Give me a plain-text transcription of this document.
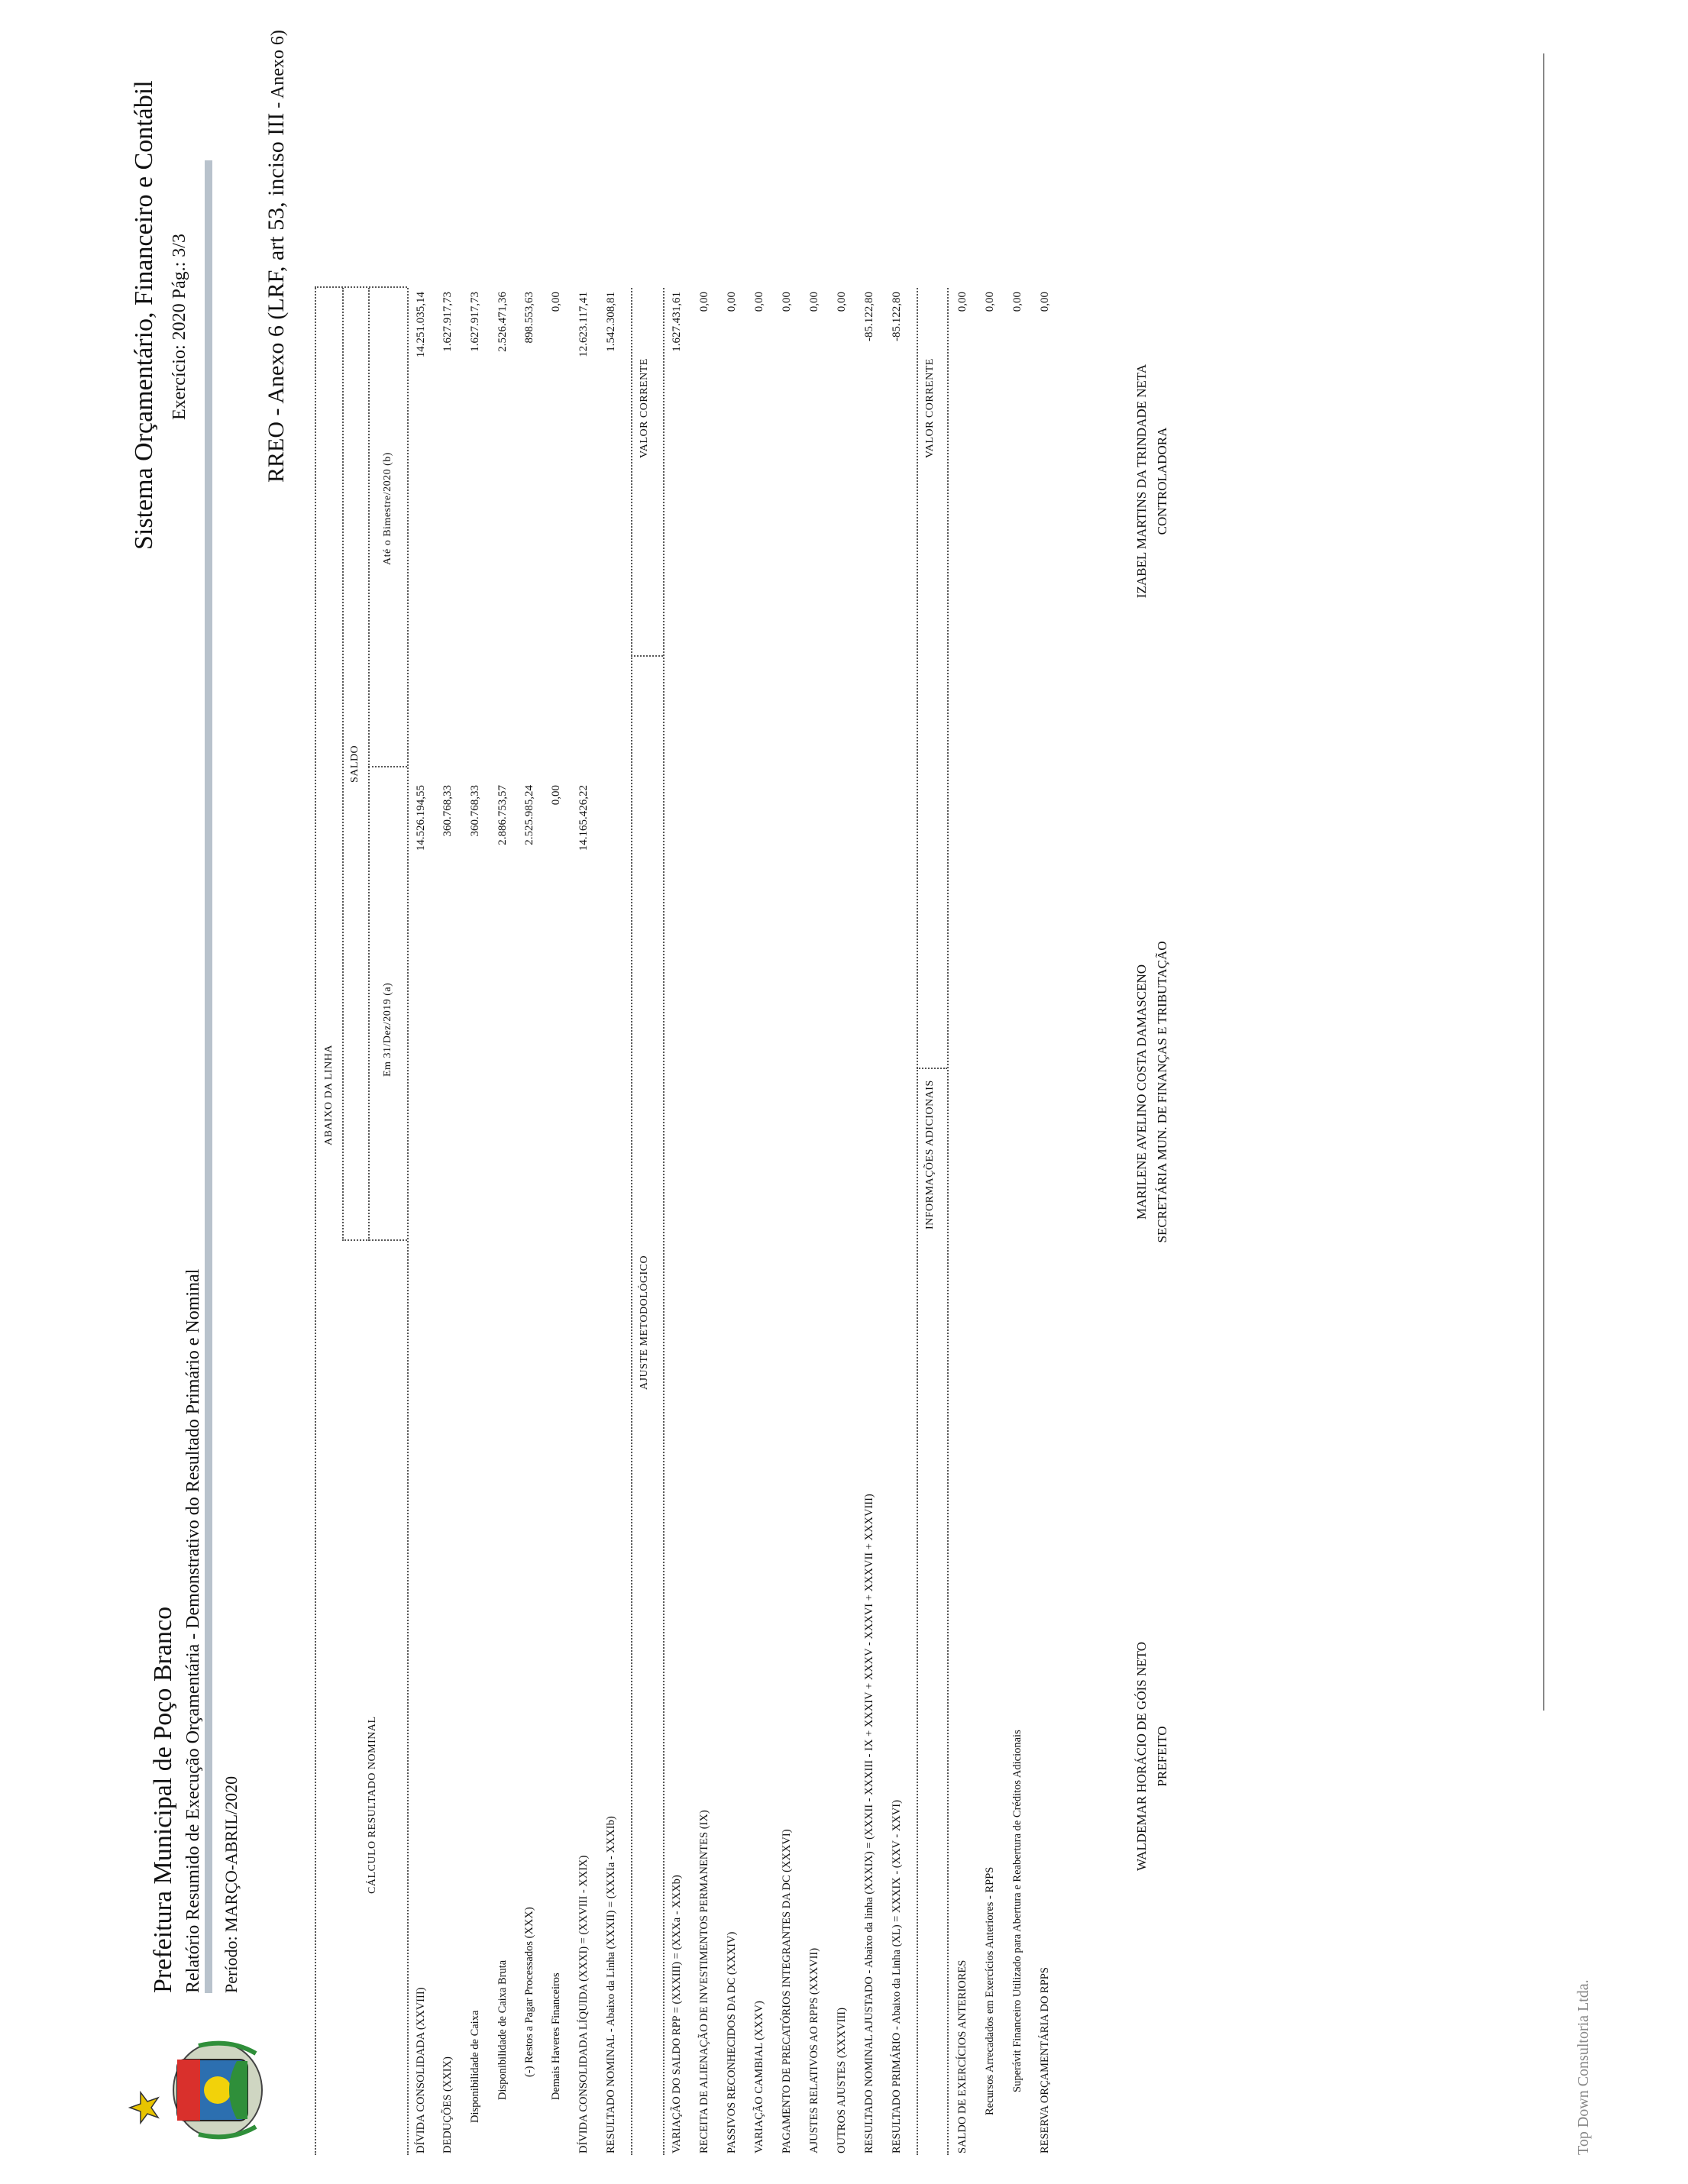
Prefeitura Municipal de Poço Branco Relatório Resumido de Execução Orçamentária - Demonstrativo do Resultado Primário e Nominal Período: MARÇO-ABRIL/2020
Sistema Orçamentário, Financeiro e Contábil Exercício: 2020 Pág.: 3/3	RREO - Anexo 6 (LRF, art 53, inciso III - Anexo 6)
CÁLCULO RESULTADO NOMINAL
ABAIXO DA LINHA
SALDO
Em 31/Dez/2019 (a)
Até o Bimestre/2020 (b)
DÍVIDA CONSOLIDADA (XXVIII)
14.526.194,55
14.251.035,14
DEDUÇÕES (XXIX)
360.768,33
1.627.917,73
Disponibilidade de Caixa
360.768,33
1.627.917,73
Disponibilidade de Caixa Bruta
2.886.753,57
2.526.471,36
(-) Restos a Pagar Processados (XXX)
2.525.985,24
898.553,63
Demais Haveres Financeiros
0,00
0,00
DÍVIDA CONSOLIDADA LÍQUIDA (XXXI) = (XXVIII - XXIX)
14.165.426,22
12.623.117,41
RESULTADO NOMINAL - Abaixo da Linha (XXXII) = (XXXIa - XXXIb)
1.542.308,81
AJUSTE METODOLÓGICO
VALOR CORRENTE
VARIAÇÃO DO SALDO RPP = (XXXIII) = (XXXa - XXXb)
1.627.431,61
RECEITA DE ALIENAÇÃO DE INVESTIMENTOS PERMANENTES (IX)
0,00
PASSIVOS RECONHECIDOS DA DC (XXXIV)
0,00
VARIAÇÃO CAMBIAL (XXXV)
0,00
PAGAMENTO DE PRECATÓRIOS INTEGRANTES DA DC (XXXVI)
0,00
AJUSTES RELATIVOS AO RPPS (XXXVII)
0,00
OUTROS AJUSTES (XXXVIII)
0,00
RESULTADO NOMINAL AJUSTADO - Abaixo da linha (XXXIX) = (XXXII - XXXIII - IX + XXXIV + XXXV - XXXVI + XXXVII + XXXVIII)
-85.122,80
RESULTADO PRIMÁRIO - Abaixo da Linha (XL) = XXXIX - (XXV - XXVI)
-85.122,80
INFORMAÇÕES ADICIONAIS
VALOR CORRENTE
SALDO DE EXERCÍCIOS ANTERIORES
0,00
Recursos Arrecadados em Exercícios Anteriores - RPPS
0,00
Superávit Financeiro Utilizado para Abertura e Reabertura de Créditos Adicionais
0,00
RESERVA ORÇAMENTÁRIA DO RPPS
0,00
WALDEMAR HORÁCIO DE GÓIS NETO PREFEITO
MARILENE AVELINO COSTA DAMASCENO SECRETÁRIA MUN. DE FINANÇAS E TRIBUTAÇÃO
IZABEL MARTINS DA TRINDADE NETA CONTROLADORA
Top Down Consultoria Ltda.
